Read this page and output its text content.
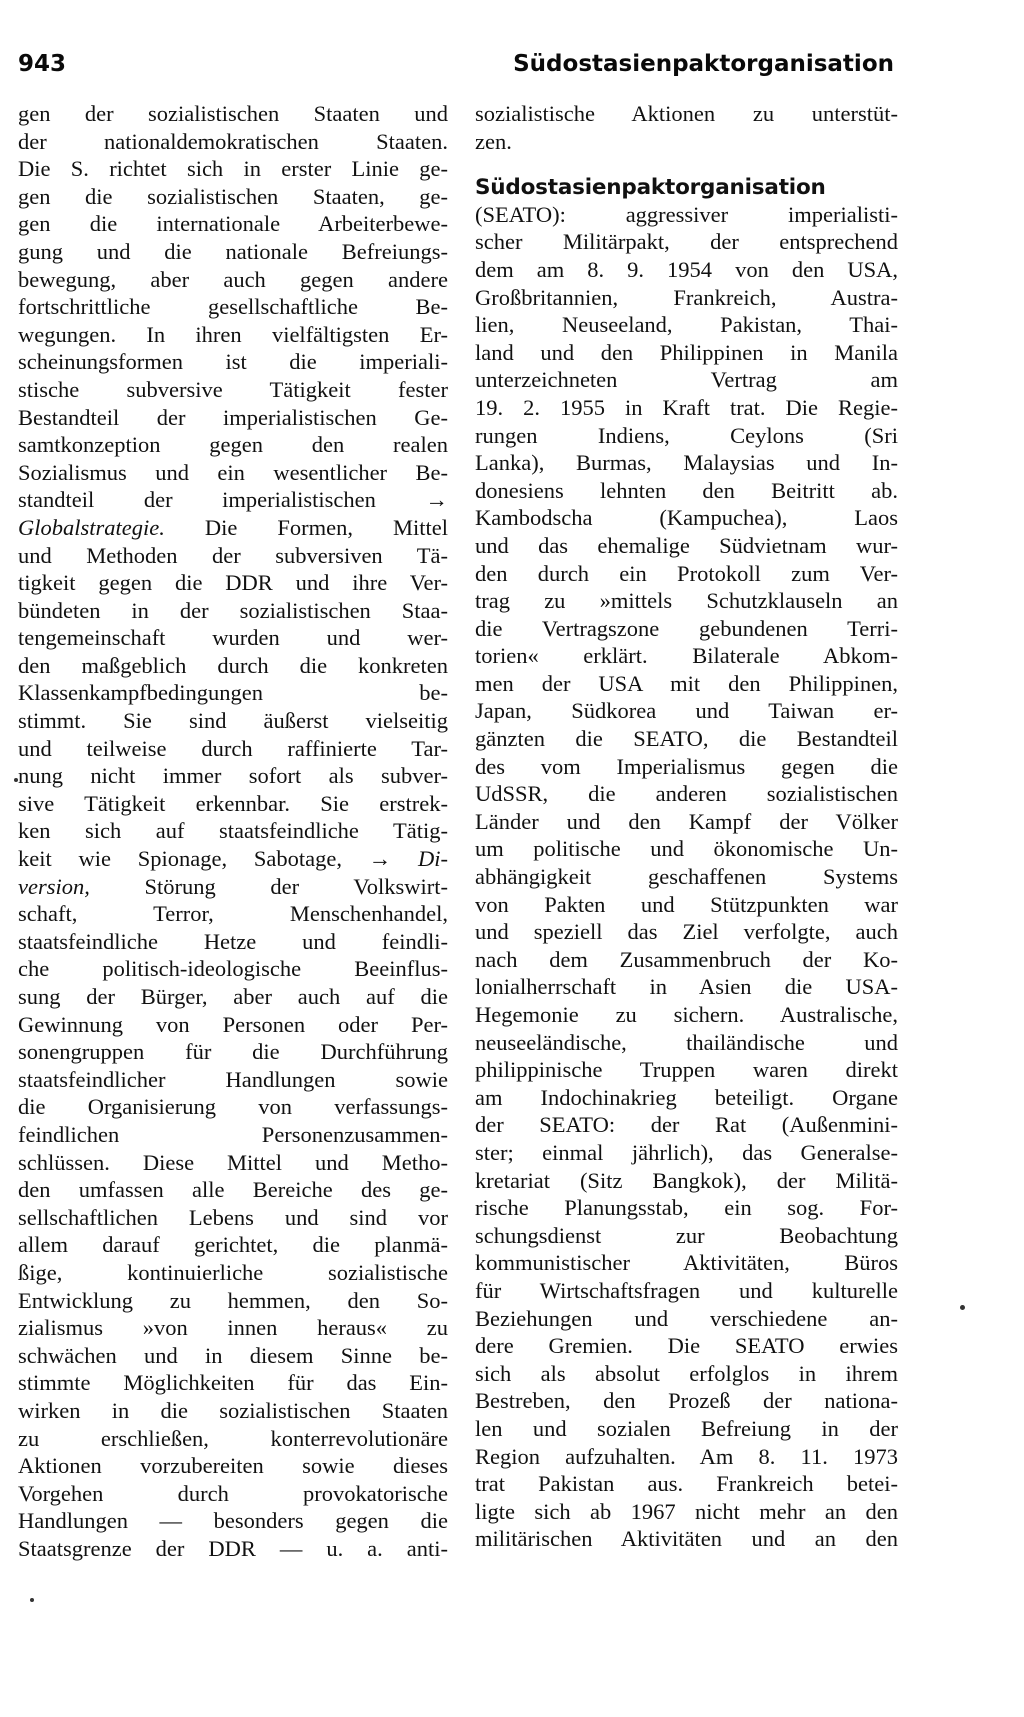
943	Südostasienpaktorganisation
gen der sozialistischen Staaten und
der nationaldemokratischen Staaten.
Die S. richtet sich in erster Linie ge-
gen die sozialistischen Staaten, ge-
gen die internationale Arbeiterbewe-
gung und die nationale Befreiungs-
bewegung, aber auch gegen andere
fortschrittliche gesellschaftliche Be-
wegungen. In ihren vielfältigsten Er-
scheinungsformen ist die imperiali-
stische subversive Tätigkeit fester
Bestandteil der imperialistischen Ge-
samtkonzeption gegen den realen
Sozialismus und ein wesentlicher Be-
standteil der imperialistischen →
Globalstrategie. Die Formen, Mittel
und Methoden der subversiven Tä-
tigkeit gegen die DDR und ihre Ver-
bündeten in der sozialistischen Staa-
tengemeinschaft wurden und wer-
den maßgeblich durch die konkreten
Klassenkampfbedingungen be-
stimmt. Sie sind äußerst vielseitig
und teilweise durch raffinierte Tar-
nung nicht immer sofort als subver-
sive Tätigkeit erkennbar. Sie erstrek-
ken sich auf staatsfeindliche Tätig-
keit wie Spionage, Sabotage, → Di-
version, Störung der Volkswirt-
schaft, Terror, Menschenhandel,
staatsfeindliche Hetze und feindli-
che politisch-ideologische Beeinflus-
sung der Bürger, aber auch auf die
Gewinnung von Personen oder Per-
sonengruppen für die Durchführung
staatsfeindlicher Handlungen sowie
die Organisierung von verfassungs-
feindlichen Personenzusammen-
schlüssen. Diese Mittel und Metho-
den umfassen alle Bereiche des ge-
sellschaftlichen Lebens und sind vor
allem darauf gerichtet, die planmä-
ßige, kontinuierliche sozialistische
Entwicklung zu hemmen, den So-
zialismus »von innen heraus« zu
schwächen und in diesem Sinne be-
stimmte Möglichkeiten für das Ein-
wirken in die sozialistischen Staaten
zu erschließen, konterrevolutionäre
Aktionen vorzubereiten sowie dieses
Vorgehen durch provokatorische
Handlungen — besonders gegen die
Staatsgrenze der DDR — u. a. anti-
sozialistische Aktionen zu unterstüt-
zen.
Südostasienpaktorganisation
(SEATO): aggressiver imperialisti-
scher Militärpakt, der entsprechend
dem am 8. 9. 1954 von den USA,
Großbritannien, Frankreich, Austra-
lien, Neuseeland, Pakistan, Thai-
land und den Philippinen in Manila
unterzeichneten Vertrag am
19. 2. 1955 in Kraft trat. Die Regie-
rungen Indiens, Ceylons (Sri
Lanka), Burmas, Malaysias und In-
donesiens lehnten den Beitritt ab.
Kambodscha (Kampuchea), Laos
und das ehemalige Südvietnam wur-
den durch ein Protokoll zum Ver-
trag zu »mittels Schutzklauseln an
die Vertragszone gebundenen Terri-
torien« erklärt. Bilaterale Abkom-
men der USA mit den Philippinen,
Japan, Südkorea und Taiwan er-
gänzten die SEATO, die Bestandteil
des vom Imperialismus gegen die
UdSSR, die anderen sozialistischen
Länder und den Kampf der Völker
um politische und ökonomische Un-
abhängigkeit geschaffenen Systems
von Pakten und Stützpunkten war
und speziell das Ziel verfolgte, auch
nach dem Zusammenbruch der Ko-
lonialherrschaft in Asien die USA-
Hegemonie zu sichern. Australische,
neuseeländische, thailändische und
philippinische Truppen waren direkt
am Indochinakrieg beteiligt. Organe
der SEATO: der Rat (Außenmini-
ster; einmal jährlich), das Generalse-
kretariat (Sitz Bangkok), der Militä-
rische Planungsstab, ein sog. For-
schungsdienst zur Beobachtung
kommunistischer Aktivitäten, Büros
für Wirtschaftsfragen und kulturelle
Beziehungen und verschiedene an-
dere Gremien. Die SEATO erwies
sich als absolut erfolglos in ihrem
Bestreben, den Prozeß der nationa-
len und sozialen Befreiung in der
Region aufzuhalten. Am 8. 11. 1973
trat Pakistan aus. Frankreich betei-
ligte sich ab 1967 nicht mehr an den
militärischen Aktivitäten und an den
